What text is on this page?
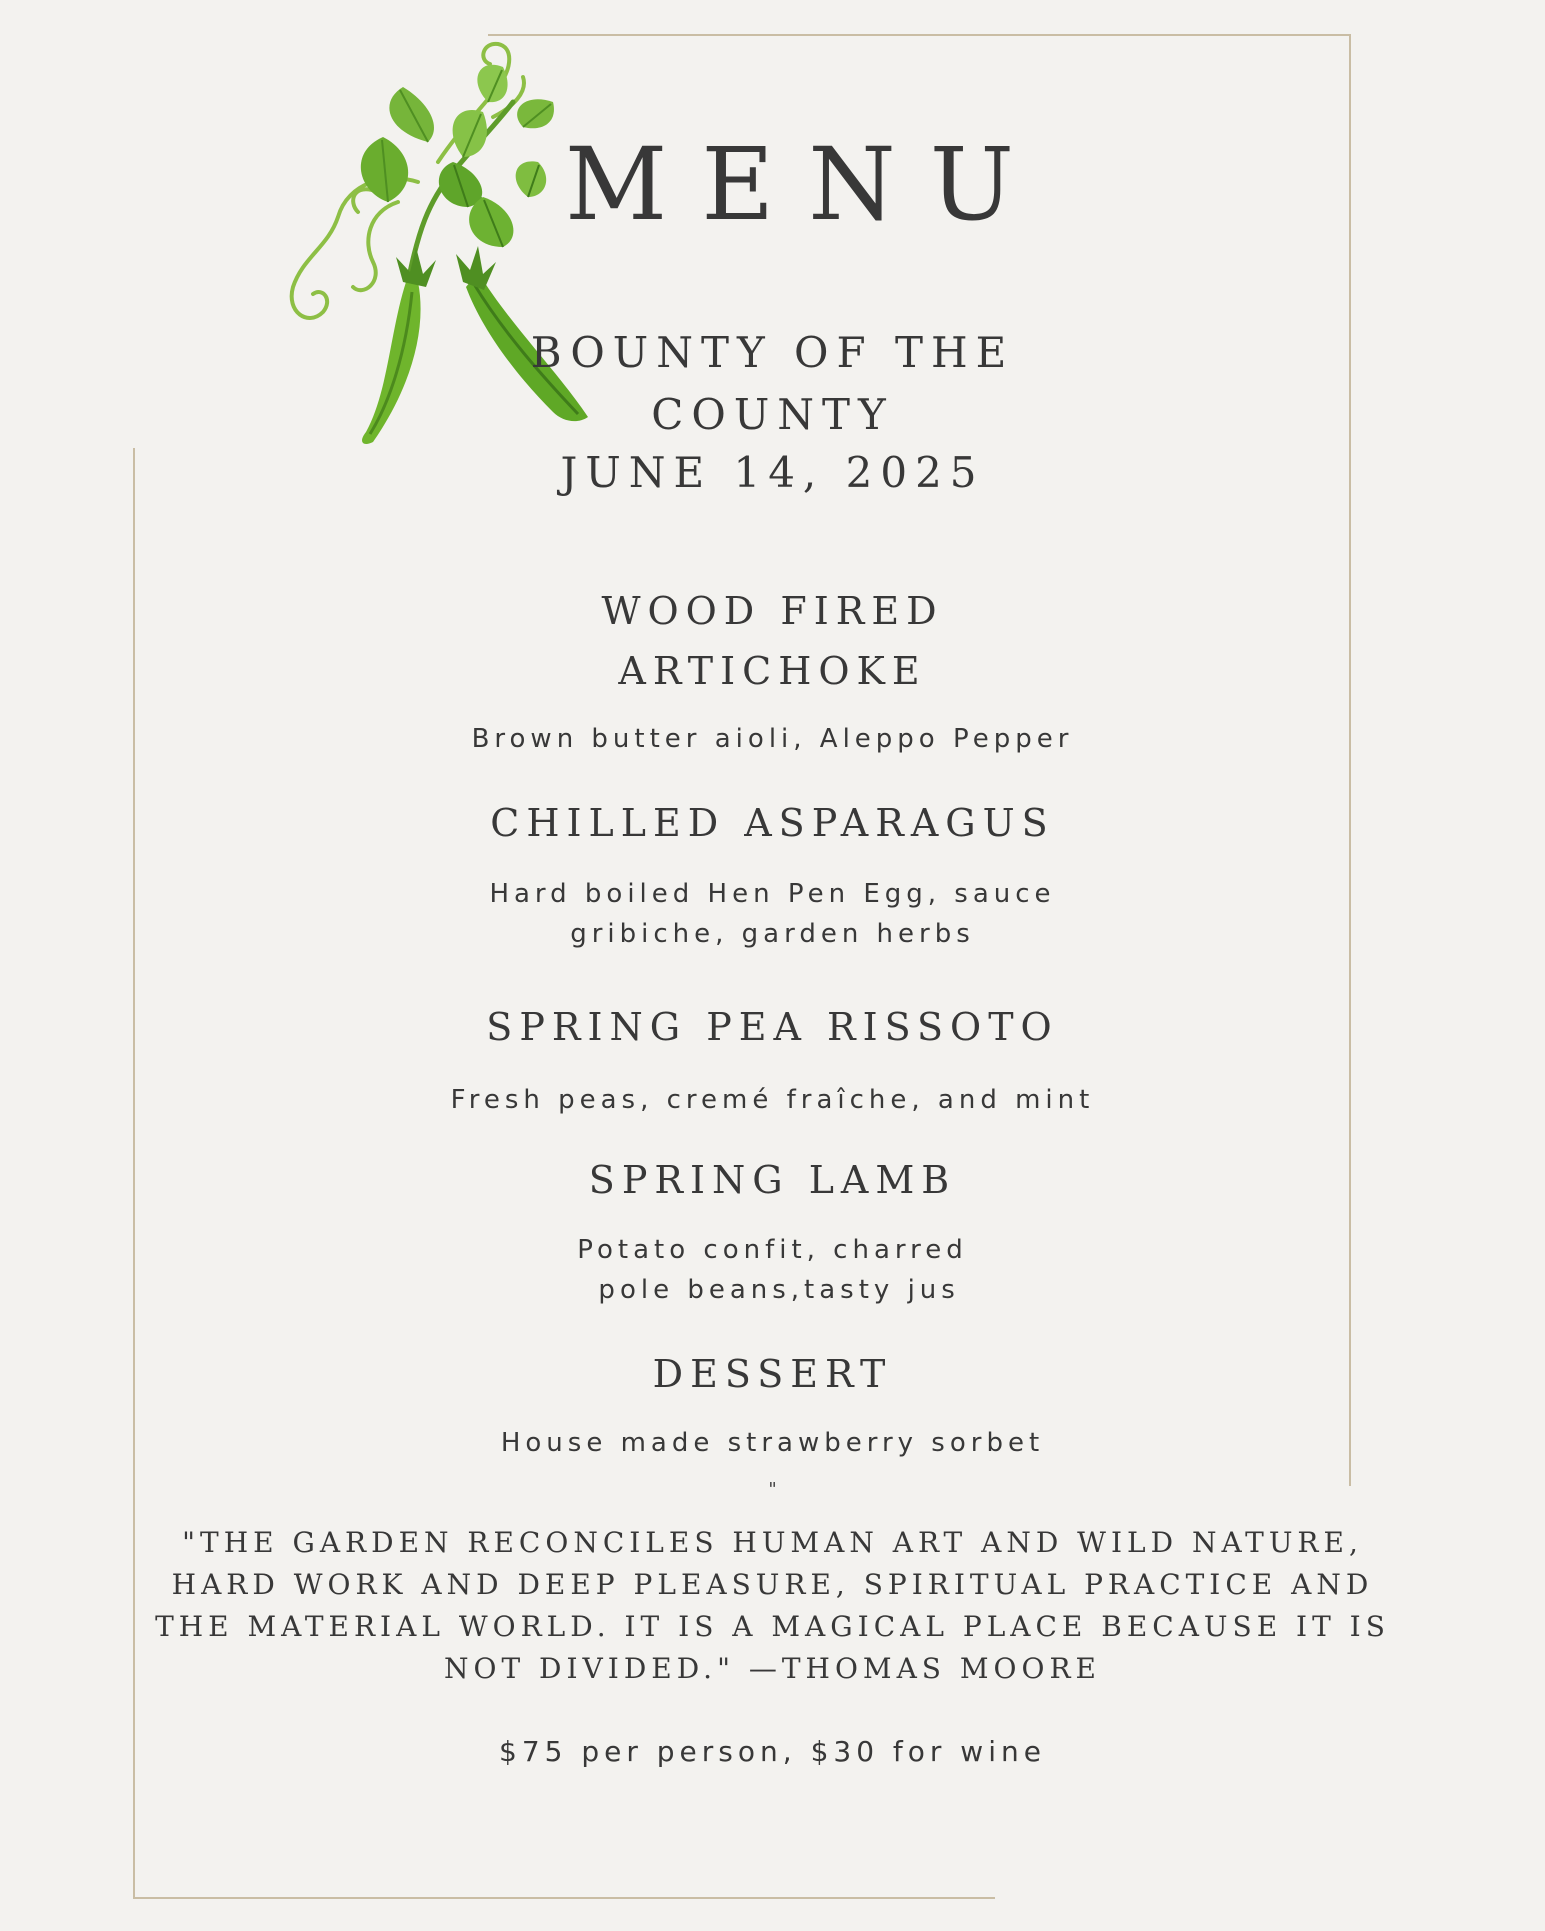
MENU
BOUNTY OF THE
COUNTY
JUNE 14, 2025
WOOD FIRED
ARTICHOKE
Brown butter aioli, Aleppo Pepper
CHILLED ASPARAGUS
Hard boiled Hen Pen Egg, sauce
gribiche, garden herbs
SPRING PEA RISSOTO
Fresh peas, cremé fraîche, and mint
SPRING LAMB
Potato confit, charred
pole beans,tasty jus
DESSERT
House made strawberry sorbet
"
"THE GARDEN RECONCILES HUMAN ART AND WILD NATURE, HARD WORK AND DEEP PLEASURE, SPIRITUAL PRACTICE AND THE MATERIAL WORLD. IT IS A MAGICAL PLACE BECAUSE IT IS NOT DIVIDED." —THOMAS MOORE
$75 per person, $30 for wine
